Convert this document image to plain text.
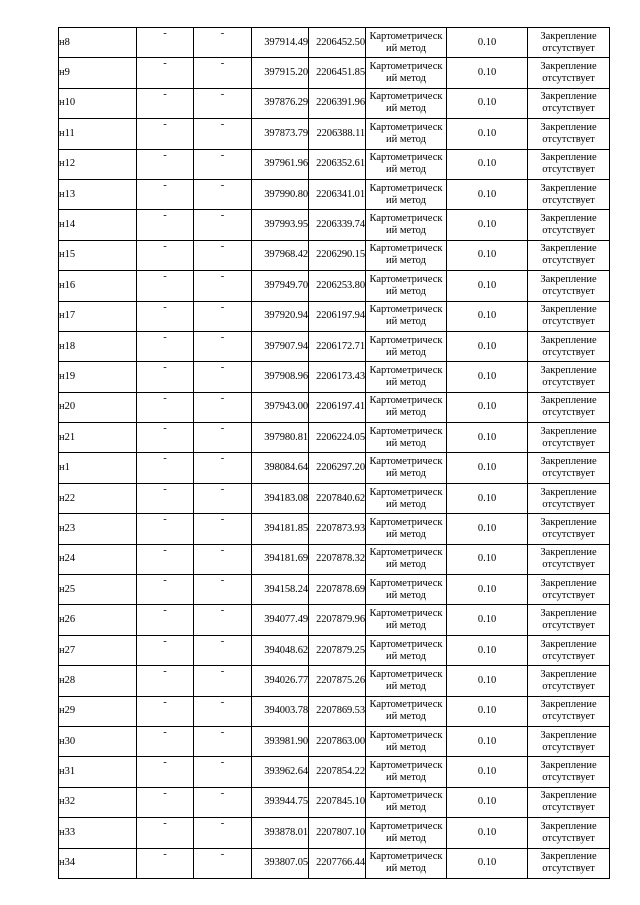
н8	-	-	397914.49	2206452.50	Картометрическ
ий метод	0.10	Закрепление
отсутствует

н9	-	-	397915.20	2206451.85	Картометрическ
ий метод	0.10	Закрепление
отсутствует

н10	-	-	397876.29	2206391.96	Картометрическ
ий метод	0.10	Закрепление
отсутствует

н11	-	-	397873.79	2206388.11	Картометрическ
ий метод	0.10	Закрепление
отсутствует

н12	-	-	397961.96	2206352.61	Картометрическ
ий метод	0.10	Закрепление
отсутствует

н13	-	-	397990.80	2206341.01	Картометрическ
ий метод	0.10	Закрепление
отсутствует

н14	-	-	397993.95	2206339.74	Картометрическ
ий метод	0.10	Закрепление
отсутствует

н15	-	-	397968.42	2206290.15	Картометрическ
ий метод	0.10	Закрепление
отсутствует

н16	-	-	397949.70	2206253.80	Картометрическ
ий метод	0.10	Закрепление
отсутствует

н17	-	-	397920.94	2206197.94	Картометрическ
ий метод	0.10	Закрепление
отсутствует

н18	-	-	397907.94	2206172.71	Картометрическ
ий метод	0.10	Закрепление
отсутствует

н19	-	-	397908.96	2206173.43	Картометрическ
ий метод	0.10	Закрепление
отсутствует

н20	-	-	397943.00	2206197.41	Картометрическ
ий метод	0.10	Закрепление
отсутствует

н21	-	-	397980.81	2206224.05	Картометрическ
ий метод	0.10	Закрепление
отсутствует

н1	-	-	398084.64	2206297.20	Картометрическ
ий метод	0.10	Закрепление
отсутствует

н22	-	-	394183.08	2207840.62	Картометрическ
ий метод	0.10	Закрепление
отсутствует

н23	-	-	394181.85	2207873.93	Картометрическ
ий метод	0.10	Закрепление
отсутствует

н24	-	-	394181.69	2207878.32	Картометрическ
ий метод	0.10	Закрепление
отсутствует

н25	-	-	394158.24	2207878.69	Картометрическ
ий метод	0.10	Закрепление
отсутствует

н26	-	-	394077.49	2207879.96	Картометрическ
ий метод	0.10	Закрепление
отсутствует

н27	-	-	394048.62	2207879.25	Картометрическ
ий метод	0.10	Закрепление
отсутствует

н28	-	-	394026.77	2207875.26	Картометрическ
ий метод	0.10	Закрепление
отсутствует

н29	-	-	394003.78	2207869.53	Картометрическ
ий метод	0.10	Закрепление
отсутствует

н30	-	-	393981.90	2207863.00	Картометрическ
ий метод	0.10	Закрепление
отсутствует

н31	-	-	393962.64	2207854.22	Картометрическ
ий метод	0.10	Закрепление
отсутствует

н32	-	-	393944.75	2207845.10	Картометрическ
ий метод	0.10	Закрепление
отсутствует

н33	-	-	393878.01	2207807.10	Картометрическ
ий метод	0.10	Закрепление
отсутствует

н34	-	-	393807.05	2207766.44	Картометрическ
ий метод	0.10	Закрепление
отсутствует
